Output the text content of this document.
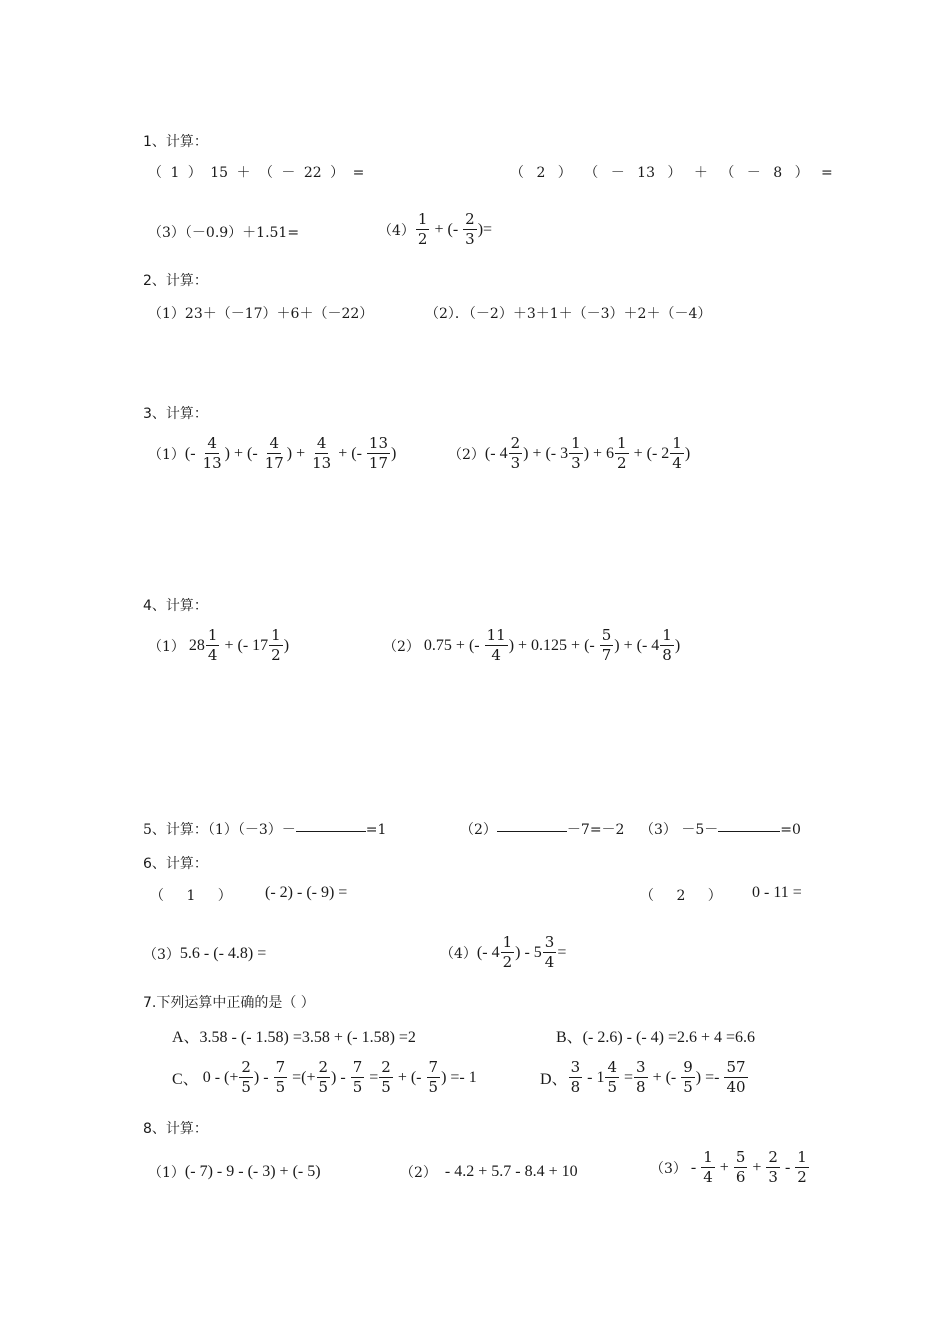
1、计算：
（ 1 ） 15 ＋ （ － 22 ） =	（ 2 ） （ － 13 ） ＋ （ － 8 ） =
（3）（－0.9）＋1.51=	$(4) \frac{1}{2}$ + (- $\frac{2}{3}$ )=
2、计算：
（1）23＋（－17）＋6＋（－22）	（2）．（－2）＋3＋1＋（－3）＋2＋（－4）
3、计算：
（1） (- $\frac{4}{13}$ ) + (- $\frac{4}{17}$ ) + $\frac{4}{13}$ + (- $\frac{13}{17}$ )	（2） (- $4 \frac{2}{3}$ ) + (- $3 \frac{1}{3}$ ) + $6 \frac{1}{2}$ + (- $2 \frac{1}{4}$ )
4、计算：
（1） $28 \frac{1}{4}$ + (- $17 \frac{1}{2}$ )	（2） 0.75 + (- $\frac{11}{4}$ ) + 0.125 + (- $\frac{5}{7}$ ) + (- $4 \frac{1}{8}$ )
5、计算：（1）（－3）－	=1	（2）	－7=－2 （3） －5－	=0
6、计算：
（ 1 ） (- 2) - (- 9) =	（ 2 ） 0 - 11 =
（3） 5.6 - (- 4.8) =	（4） (- $4 \frac{1}{2}$ ) - $5 \frac{3}{4}$ =
7.下列运算中正确的是（ ）
A、3.58 - (- 1.58) =3.58 + (- 1.58) =2	B、(- 2.6) - (- 4) =2.6 + 4 =6.6
C、 0 - (+ $\frac{2}{5}$ ) - $\frac{7}{5}$ =(+ $\frac{2}{5}$ ) - $\frac{7}{5} = \frac{2}{5}$ + (- $\frac{7}{5}$ ) =- 1	D、 $\frac{3}{8} - 1 \frac{4}{5} = \frac{3}{8}$ + (- $\frac{9}{5}$ ) =- $\frac{57}{40}$
8、计算：
（1） (- 7) - 9 - (- 3) + (- 5)	（2） - 4.2 + 5.7 - 8.4 + 10	$(3) - \frac{1}{4} + \frac{5}{6} + \frac{2}{3} - \frac{1}{2}$
